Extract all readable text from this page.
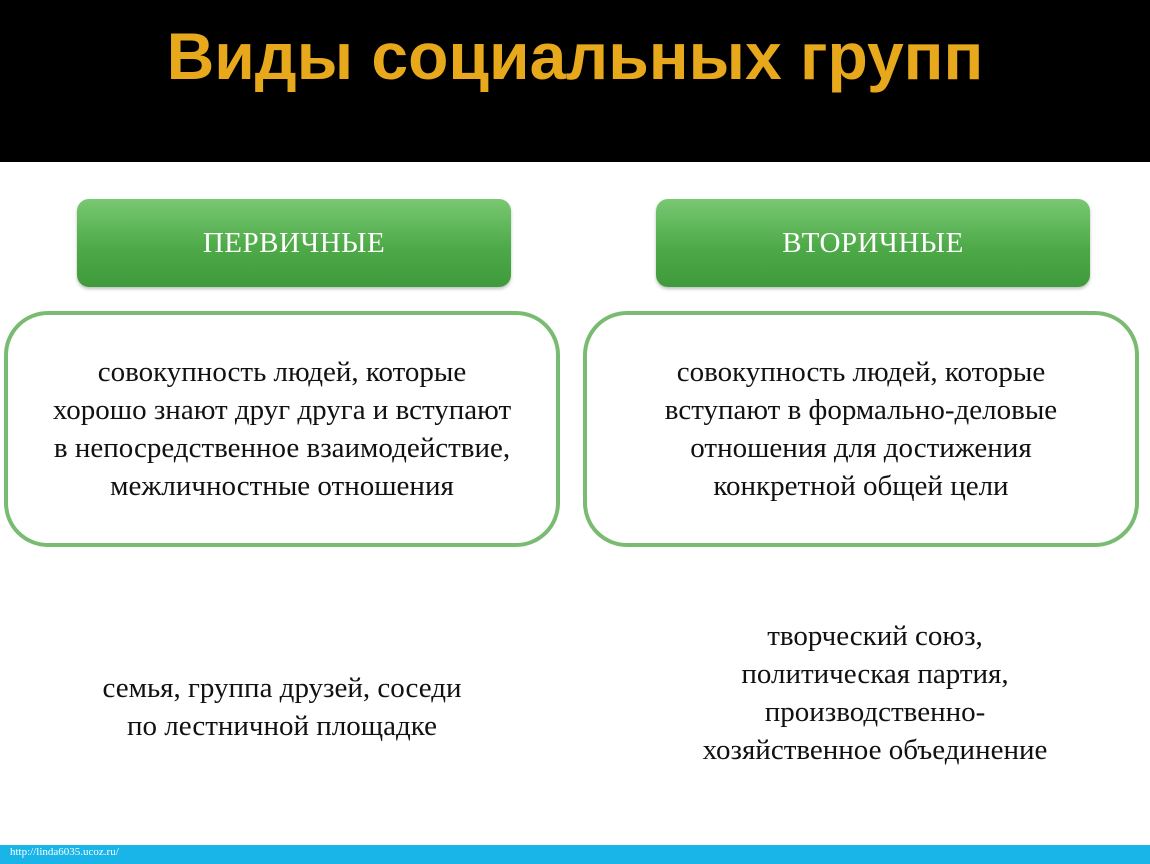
Виды социальных групп
ПЕРВИЧНЫЕ	ВТОРИЧНЫЕ

совокупность людей, которые
хорошо знают друг друга и вступают
в непосредственное взаимодействие,
межличностные отношения

совокупность людей, которые
вступают в формально-деловые
отношения для достижения
конкретной общей цели

семья, группа друзей, соседи
по лестничной площадке

творческий союз,
политическая партия,
производственно-
хозяйственное объединение

http://linda6035.ucoz.ru/
